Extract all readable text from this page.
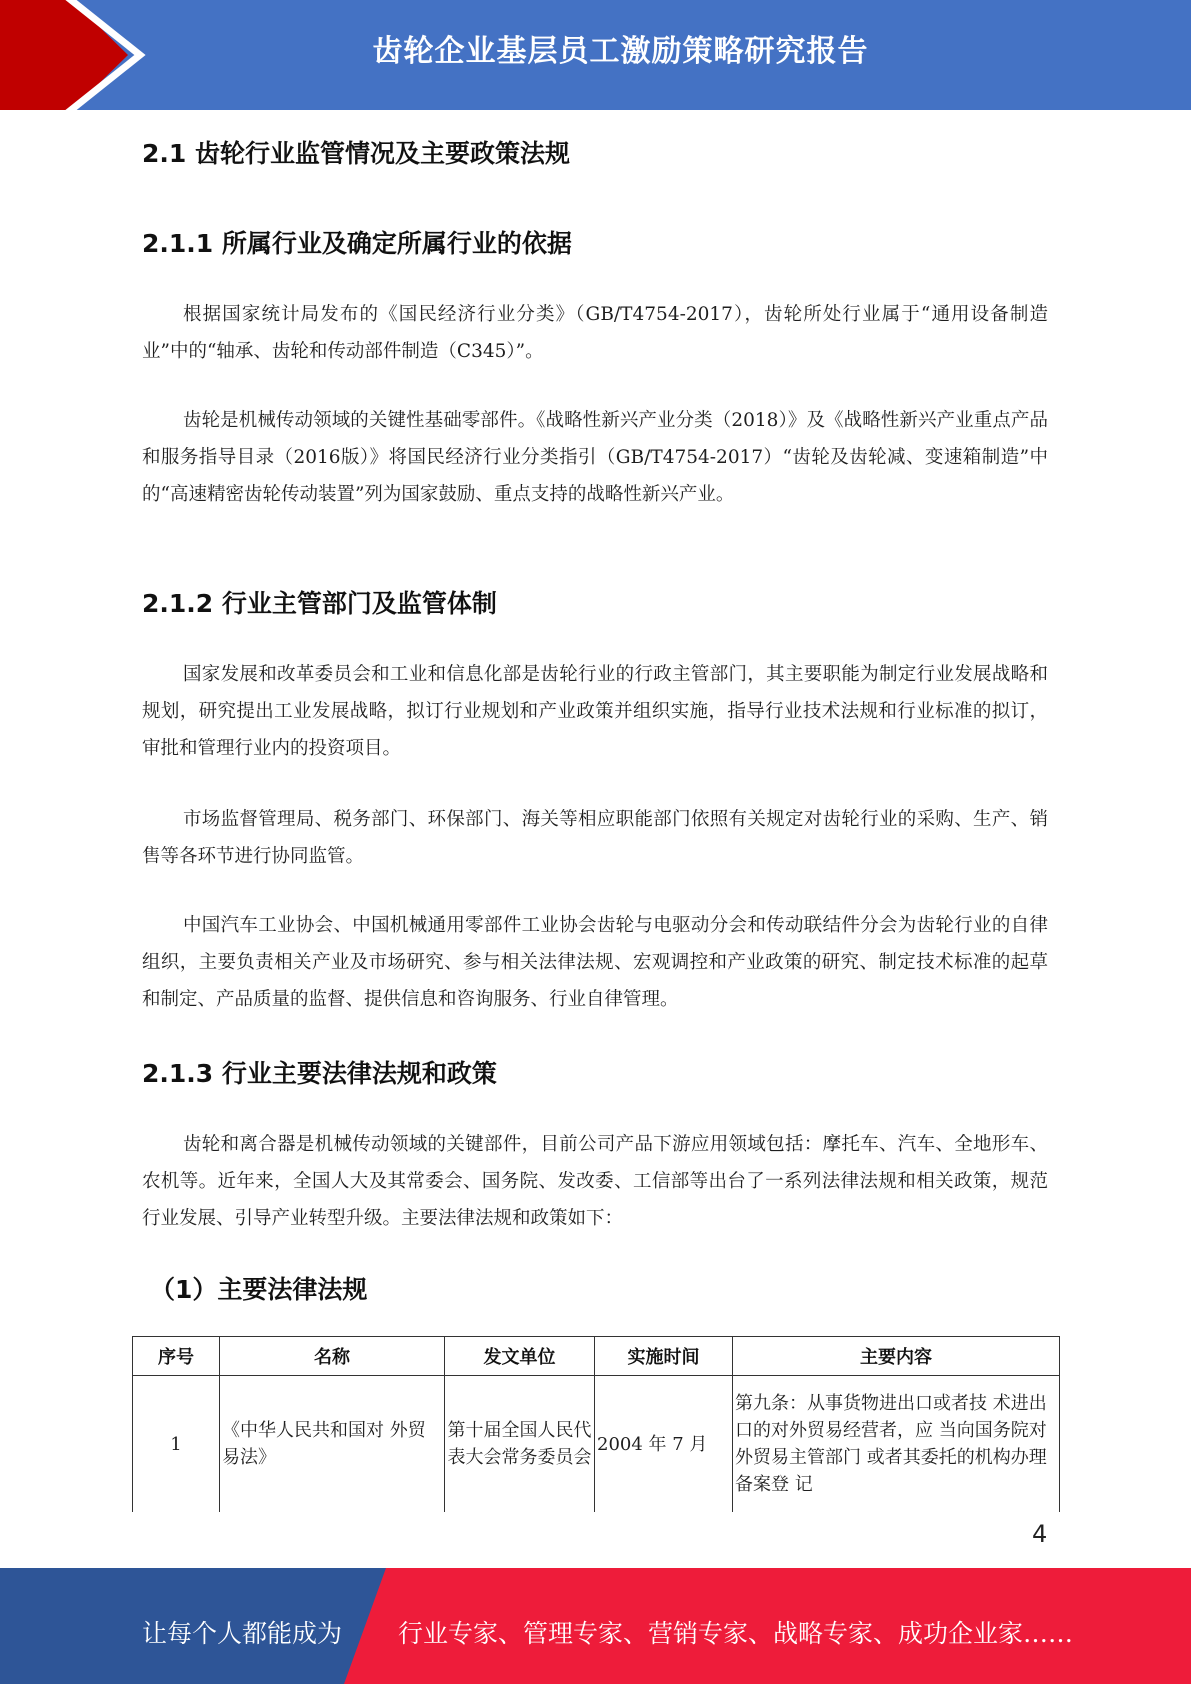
齿轮企业基层员工激励策略研究报告
2.1 齿轮行业监管情况及主要政策法规
2.1.1 所属行业及确定所属行业的依据

根据国家统计局发布的《国民经济行业分类》（GB/T4754-2017），齿轮所处行业属于“通用设备制造业”中的“轴承、齿轮和传动部件制造（C345）”。

齿轮是机械传动领域的关键性基础零部件。《战略性新兴产业分类（2018）》及《战略性新兴产业重点产品和服务指导目录（2016版）》将国民经济行业分类指引（GB/T4754-2017）“齿轮及齿轮减、变速箱制造”中的“高速精密齿轮传动装置”列为国家鼓励、重点支持的战略性新兴产业。

2.1.2 行业主管部门及监管体制

国家发展和改革委员会和工业和信息化部是齿轮行业的行政主管部门，其主要职能为制定行业发展战略和规划，研究提出工业发展战略，拟订行业规划和产业政策并组织实施，指导行业技术法规和行业标准的拟订，审批和管理行业内的投资项目。

市场监督管理局、税务部门、环保部门、海关等相应职能部门依照有关规定对齿轮行业的采购、生产、销售等各环节进行协同监管。

中国汽车工业协会、中国机械通用零部件工业协会齿轮与电驱动分会和传动联结件分会为齿轮行业的自律组织，主要负责相关产业及市场研究、参与相关法律法规、宏观调控和产业政策的研究、制定技术标准的起草和制定、产品质量的监督、提供信息和咨询服务、行业自律管理。

2.1.3 行业主要法律法规和政策

齿轮和离合器是机械传动领域的关键部件，目前公司产品下游应用领域包括：摩托车、汽车、全地形车、农机等。近年来，全国人大及其常委会、国务院、发改委、工信部等出台了一系列法律法规和相关政策，规范行业发展、引导产业转型升级。主要法律法规和政策如下：

（1）主要法律法规
序号	名称	发文单位	实施时间	主要内容
1	《中华人民共和国对 外贸易法》	第十届全国人民代表大会常务委员会	2004 年 7 月	第九条：从事货物进出口或者技 术进出口的对外贸易经营者，应 当向国务院对外贸易主管部门 或者其委托的机构办理备案登 记
4
让每个人都能成为 行业专家、管理专家、营销专家、战略专家、成功企业家……
